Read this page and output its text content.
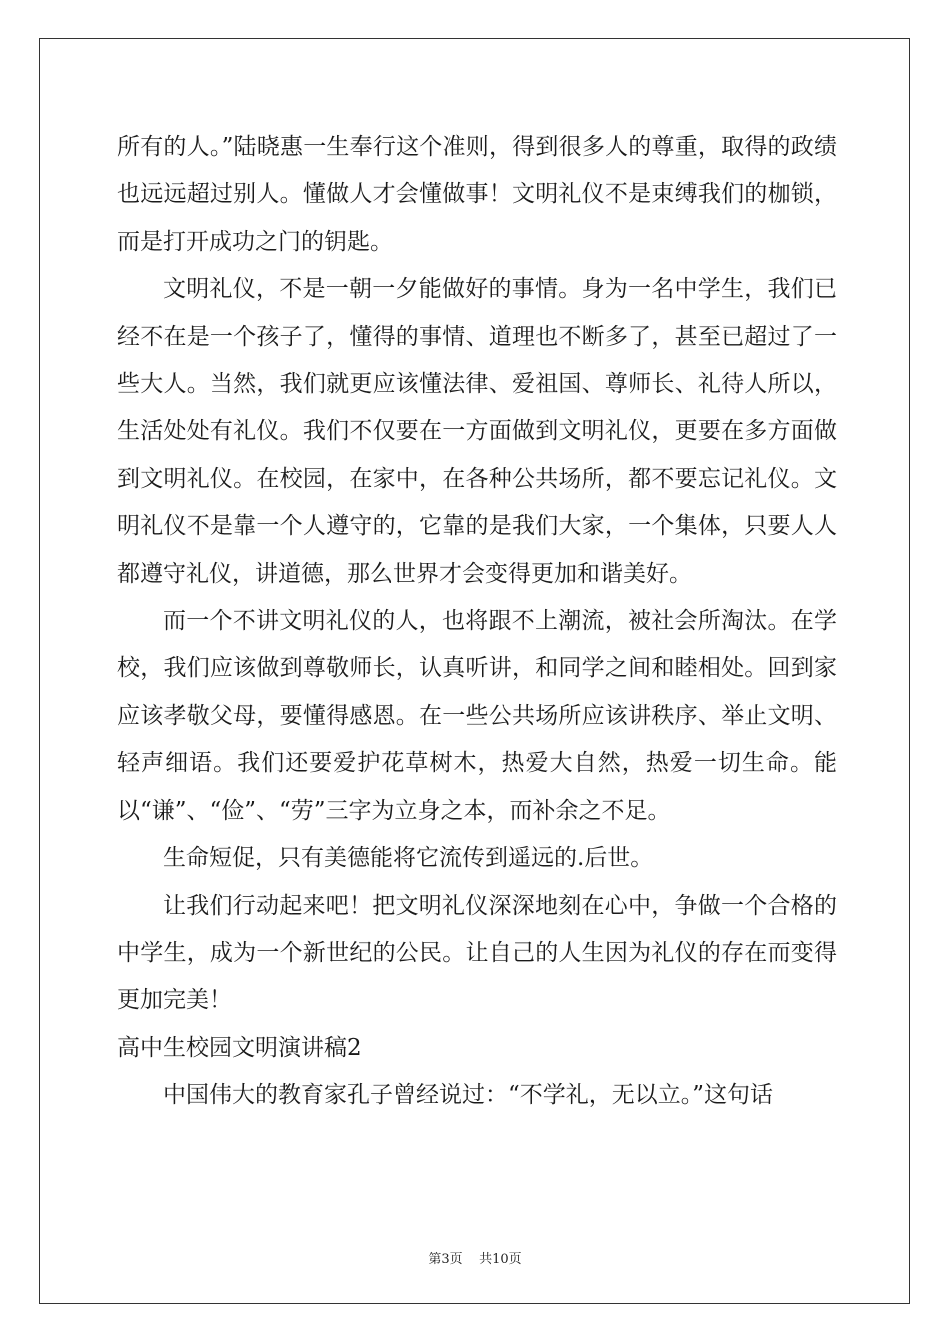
所有的人。”陆晓惠一生奉行这个准则，得到很多人的尊重，取得的政绩也远远超过别人。懂做人才会懂做事！文明礼仪不是束缚我们的枷锁，而是打开成功之门的钥匙。

文明礼仪，不是一朝一夕能做好的事情。身为一名中学生，我们已经不在是一个孩子了，懂得的事情、道理也不断多了，甚至已超过了一些大人。当然，我们就更应该懂法律、爱祖国、尊师长、礼待人所以，生活处处有礼仪。我们不仅要在一方面做到文明礼仪，更要在多方面做到文明礼仪。在校园，在家中，在各种公共场所，都不要忘记礼仪。文明礼仪不是靠一个人遵守的，它靠的是我们大家，一个集体，只要人人都遵守礼仪，讲道德，那么世界才会变得更加和谐美好。

而一个不讲文明礼仪的人，也将跟不上潮流，被社会所淘汰。在学校，我们应该做到尊敬师长，认真听讲，和同学之间和睦相处。回到家应该孝敬父母，要懂得感恩。在一些公共场所应该讲秩序、举止文明、轻声细语。我们还要爱护花草树木，热爱大自然，热爱一切生命。能以“谦”、“俭”、“劳”三字为立身之本，而补余之不足。

生命短促，只有美德能将它流传到遥远的.后世。

让我们行动起来吧！把文明礼仪深深地刻在心中，争做一个合格的中学生，成为一个新世纪的公民。让自己的人生因为礼仪的存在而变得更加完美！

高中生校园文明演讲稿2

中国伟大的教育家孔子曾经说过：“不学礼，无以立。”这句话

第3页 共10页
